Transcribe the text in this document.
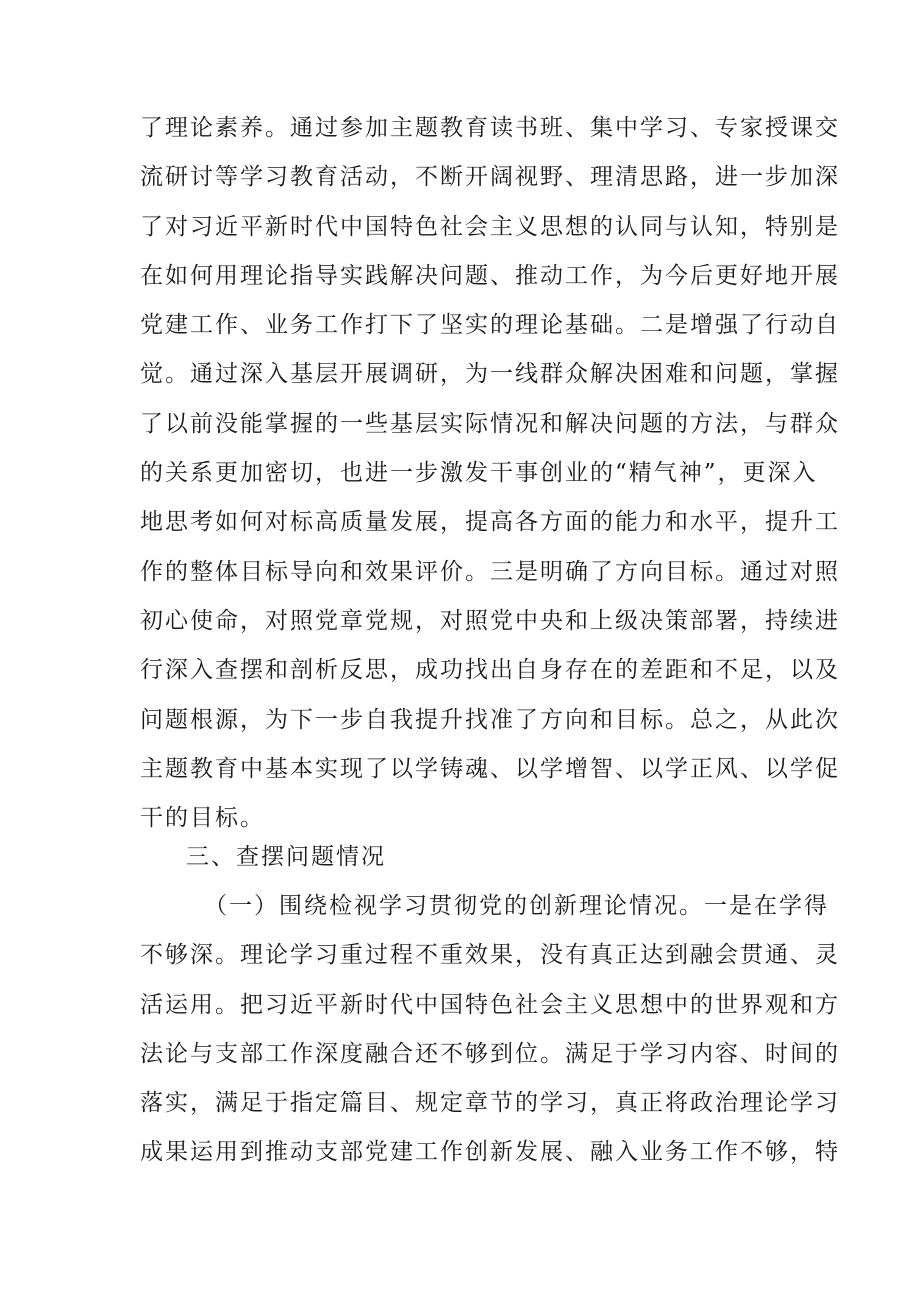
了理论素养。通过参加主题教育读书班、集中学习、专家授课交
流研讨等学习教育活动，不断开阔视野、理清思路，进一步加深
了对习近平新时代中国特色社会主义思想的认同与认知，特别是
在如何用理论指导实践解决问题、推动工作，为今后更好地开展
党建工作、业务工作打下了坚实的理论基础。二是增强了行动自
觉。通过深入基层开展调研，为一线群众解决困难和问题，掌握
了以前没能掌握的一些基层实际情况和解决问题的方法，与群众
的关系更加密切，也进一步激发干事创业的“精气神”，更深入
地思考如何对标高质量发展，提高各方面的能力和水平，提升工
作的整体目标导向和效果评价。三是明确了方向目标。通过对照
初心使命，对照党章党规，对照党中央和上级决策部署，持续进
行深入查摆和剖析反思，成功找出自身存在的差距和不足，以及
问题根源，为下一步自我提升找准了方向和目标。总之，从此次
主题教育中基本实现了以学铸魂、以学增智、以学正风、以学促
干的目标。
三、查摆问题情况
（一）围绕检视学习贯彻党的创新理论情况。一是在学得
不够深。理论学习重过程不重效果，没有真正达到融会贯通、灵
活运用。把习近平新时代中国特色社会主义思想中的世界观和方
法论与支部工作深度融合还不够到位。满足于学习内容、时间的
落实，满足于指定篇目、规定章节的学习，真正将政治理论学习
成果运用到推动支部党建工作创新发展、融入业务工作不够，特
